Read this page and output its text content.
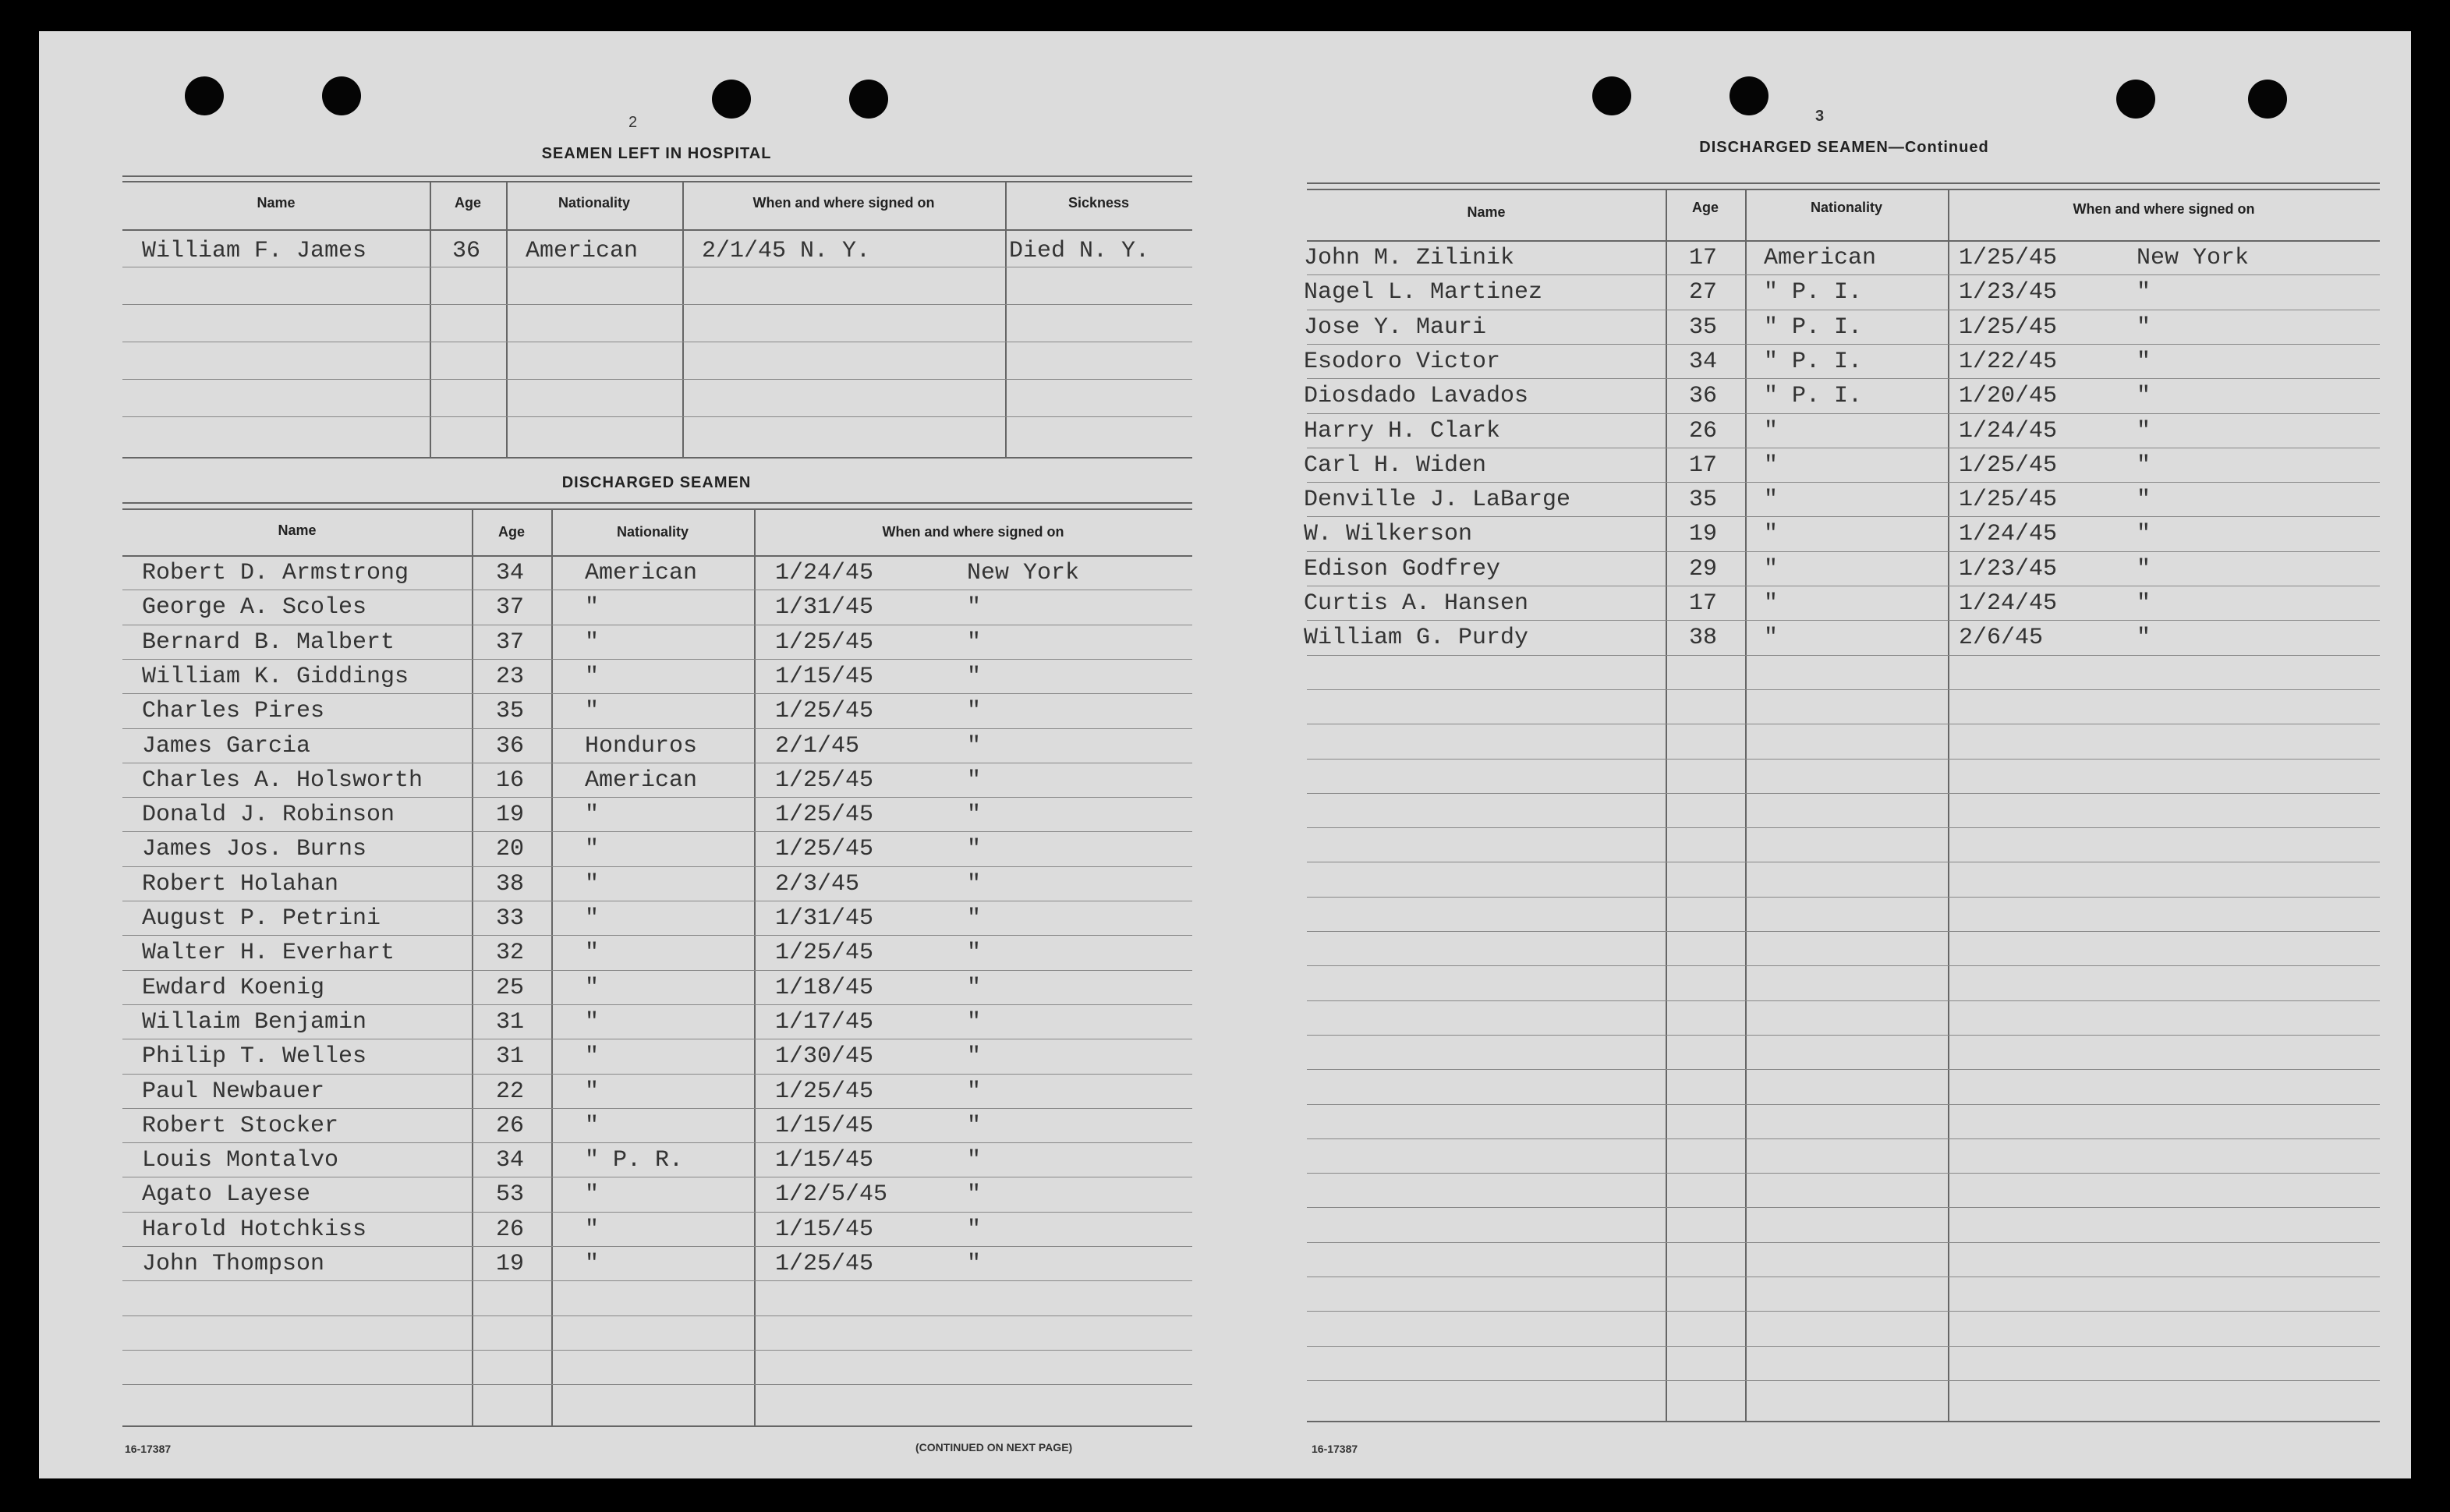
2
SEAMEN LEFT IN HOSPITAL
Name	Age	Nationality	When and where signed on	Sickness
William F. James	36 American	2/1/45 N. Y.	Died N. Y.
DISCHARGED SEAMEN
Name	Age	Nationality	When and where signed on
Robert D. Armstrong	34	American	1/24/45	New York
George A. Scoles	37	"	1/31/45	"
Bernard B. Malbert	37	"	1/25/45	"
William K. Giddings	23	"	1/15/45	"
Charles Pires	35	"	1/25/45	"
James Garcia	36	Honduros	2/1/45	"
Charles A. Holsworth	16	American	1/25/45	"
Donald J. Robinson	19	"	1/25/45	"
James Jos. Burns	20	"	1/25/45	"
Robert Holahan	38	"	2/3/45	"
August P. Petrini	33	"	1/31/45	"
Walter H. Everhart	32	"	1/25/45	"
Ewdard Koenig	25	"	1/18/45	"
Willaim Benjamin	31	"	1/17/45	"
Philip T. Welles	31	"	1/30/45	"
Paul Newbauer	22	"	1/25/45	"
Robert Stocker	26	"	1/15/45	"
Louis Montalvo	34	" P. R.	1/15/45	"
Agato Layese	53	"	1/2/5/45	"
Harold Hotchkiss	26	"	1/15/45	"
John Thompson	19	"	1/25/45	"
16-17387	(CONTINUED ON NEXT PAGE)
3
DISCHARGED SEAMEN—Continued
Name	Age	Nationality	When and where signed on
John M. Zilinik	17 American	1/25/45	New York
Nagel L. Martinez	27 " P. I.	1/23/45	"
Jose Y. Mauri	35 " P. I.	1/25/45	"
Esodoro Victor	34 " P. I.	1/22/45	"
Diosdado Lavados	36 " P. I.	1/20/45	"
Harry H. Clark	26 "	1/24/45	"
Carl H. Widen	17 "	1/25/45	"
Denville J. LaBarge	35 "	1/25/45	"
W. Wilkerson	19 "	1/24/45	"
Edison Godfrey	29 "	1/23/45	"
Curtis A. Hansen	17 "	1/24/45	"
William G. Purdy	38 "	2/6/45	"
16-17387
